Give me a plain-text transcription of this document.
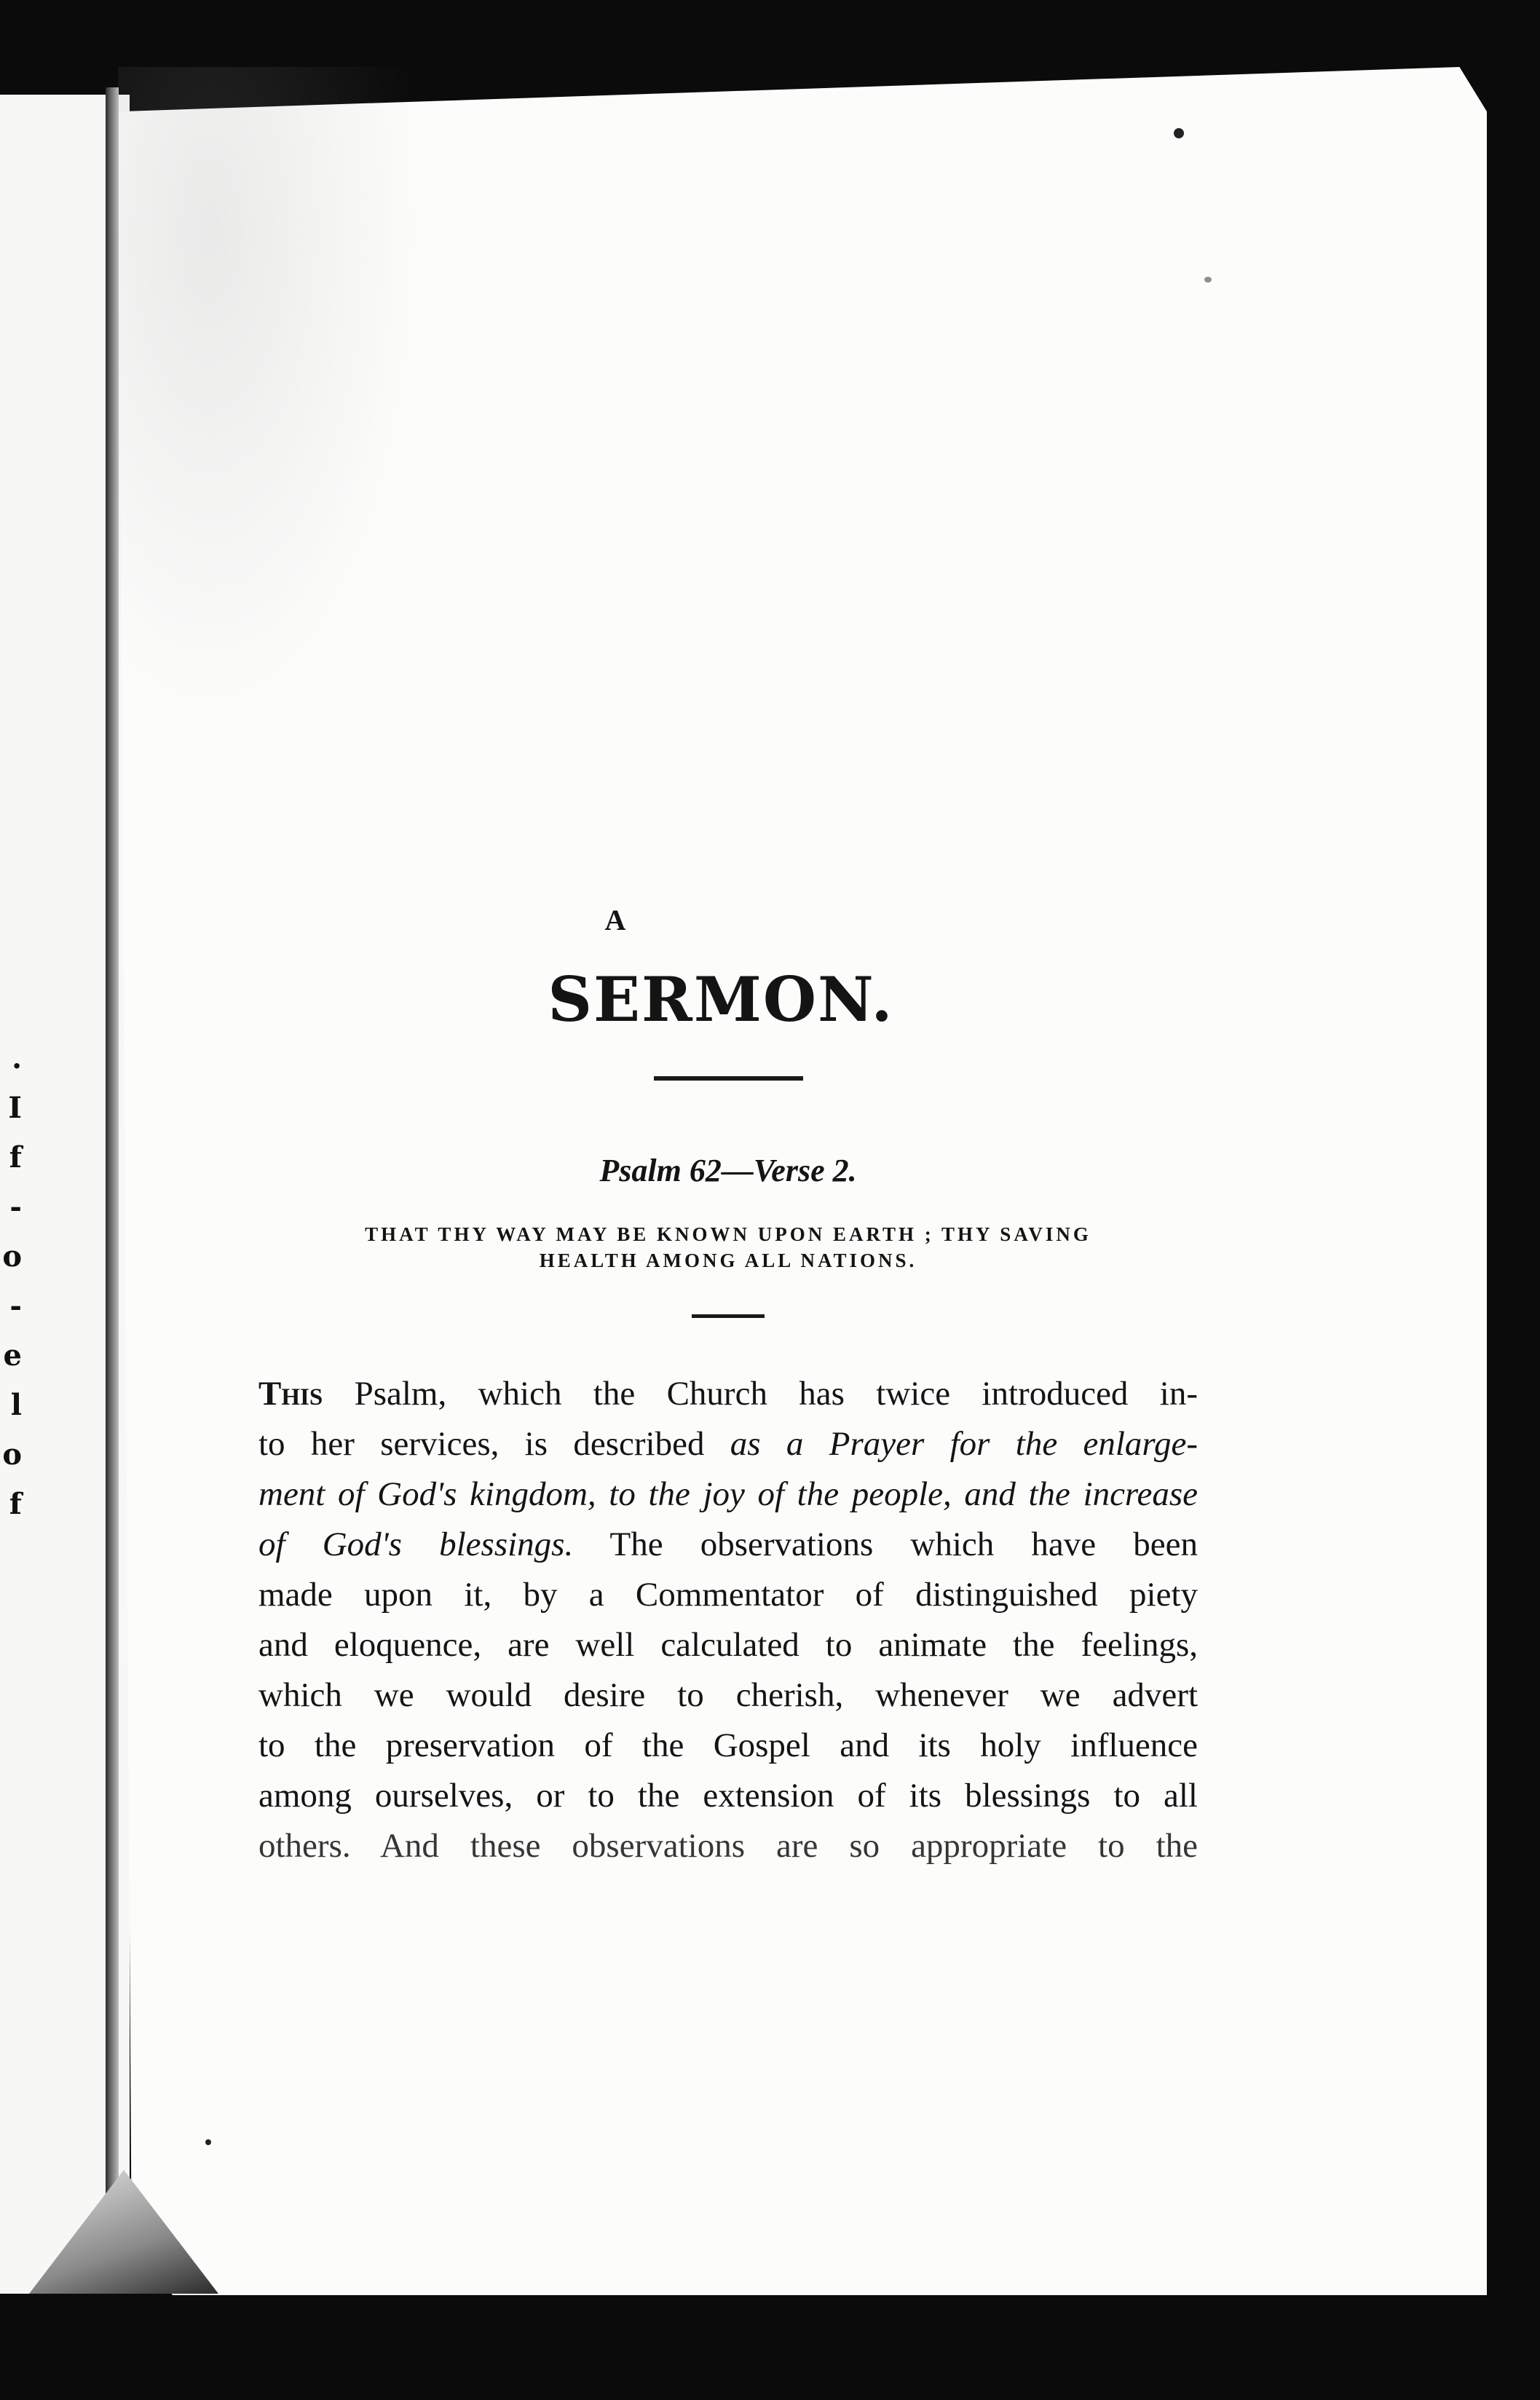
.
I
f
-
o
-
e
l
o
f
A
SERMON.
Psalm 62—Verse 2.
THAT THY WAY MAY BE KNOWN UPON EARTH ; THY SAVING
HEALTH AMONG ALL NATIONS.
This Psalm, which the Church has twice introduced in-
to her services, is described as a Prayer for the enlarge-
ment of God's kingdom, to the joy of the people, and the increase
of God's blessings. The observations which have been
made upon it, by a Commentator of distinguished piety
and eloquence, are well calculated to animate the feelings,
which we would desire to cherish, whenever we advert
to the preservation of the Gospel and its holy influence
among ourselves, or to the extension of its blessings to all
others. And these observations are so appropriate to the
